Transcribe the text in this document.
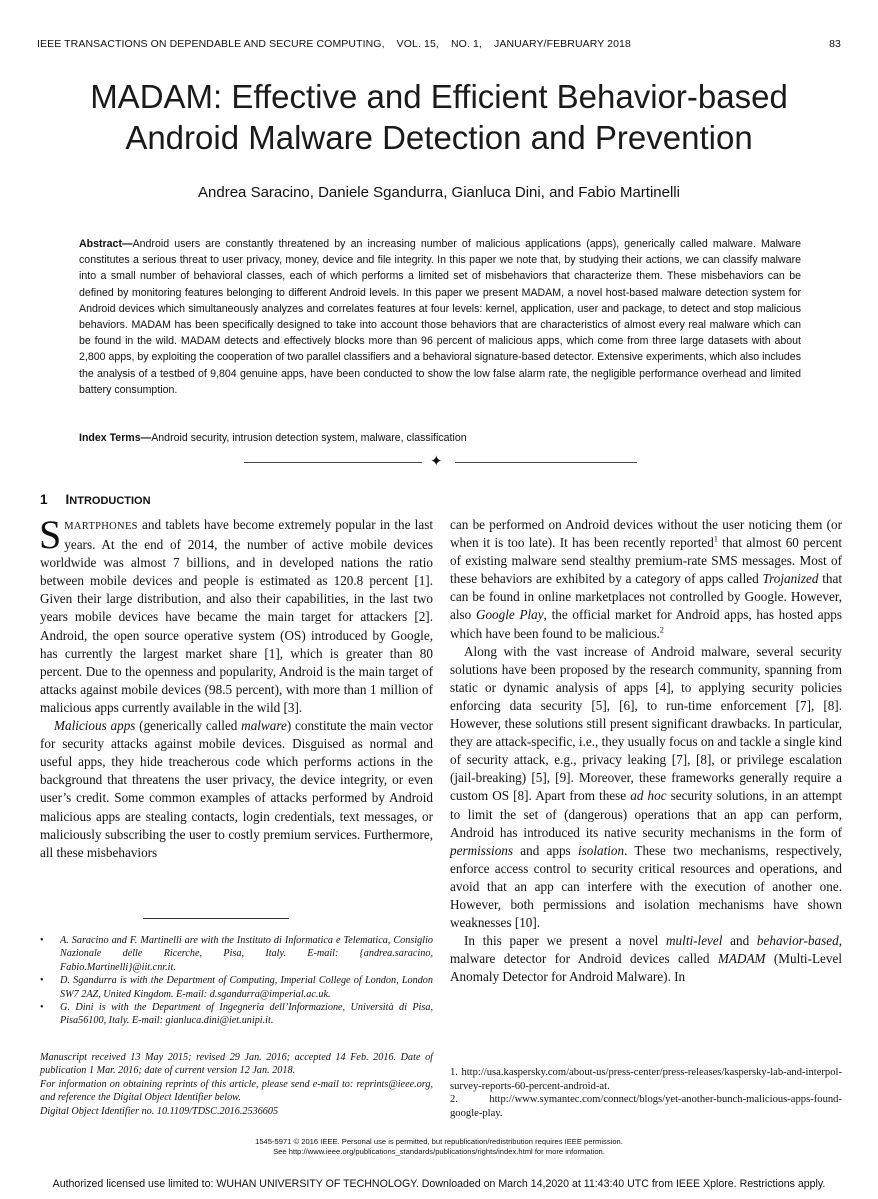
IEEE TRANSACTIONS ON DEPENDABLE AND SECURE COMPUTING, VOL. 15, NO. 1, JANUARY/FEBRUARY 2018	83
MADAM: Effective and Efficient Behavior-based
Android Malware Detection and Prevention
Andrea Saracino, Daniele Sgandurra, Gianluca Dini, and Fabio Martinelli
Abstract—Android users are constantly threatened by an increasing number of malicious applications (apps), generically called malware. Malware constitutes a serious threat to user privacy, money, device and file integrity. In this paper we note that, by studying their actions, we can classify malware into a small number of behavioral classes, each of which performs a limited set of misbehaviors that characterize them. These misbehaviors can be defined by monitoring features belonging to different Android levels. In this paper we present MADAM, a novel host-based malware detection system for Android devices which simultaneously analyzes and correlates features at four levels: kernel, application, user and package, to detect and stop malicious behaviors. MADAM has been specifically designed to take into account those behaviors that are characteristics of almost every real malware which can be found in the wild. MADAM detects and effectively blocks more than 96 percent of malicious apps, which come from three large datasets with about 2,800 apps, by exploiting the cooperation of two parallel classifiers and a behavioral signature-based detector. Extensive experiments, which also includes the analysis of a testbed of 9,804 genuine apps, have been conducted to show the low false alarm rate, the negligible performance overhead and limited battery consumption.
Index Terms—Android security, intrusion detection system, malware, classification
✦
1 INTRODUCTION

SMARTPHONES and tablets have become extremely popular in the last years. At the end of 2014, the number of active mobile devices worldwide was almost 7 billions, and in developed nations the ratio between mobile devices and people is estimated as 120.8 percent [1]. Given their large distribution, and also their capabilities, in the last two years mobile devices have became the main target for attackers [2]. Android, the open source operative system (OS) introduced by Google, has currently the largest market share [1], which is greater than 80 percent. Due to the openness and popularity, Android is the main target of attacks against mobile devices (98.5 percent), with more than 1 million of malicious apps currently available in the wild [3].

Malicious apps (generically called malware) constitute the main vector for security attacks against mobile devices. Disguised as normal and useful apps, they hide treacherous code which performs actions in the background that threatens the user privacy, the device integrity, or even user’s credit. Some common examples of attacks performed by Android malicious apps are stealing contacts, login credentials, text messages, or maliciously subscribing the user to costly premium services. Furthermore, all these misbehaviors

• A. Saracino and F. Martinelli are with the Instituto di Informatica e Telematica, Consiglio Nazionale delle Ricerche, Pisa, Italy. E-mail: {andrea.saracino, Fabio.Martinelli}@iit.cnr.it.
• D. Sgandurra is with the Department of Computing, Imperial College of London, London SW7 2AZ, United Kingdom. E-mail: d.sgandurra@imperial.ac.uk.
• G. Dini is with the Department of Ingegneria dell’Informazione, Università di Pisa, Pisa56100, Italy. E-mail: gianluca.dini@iet.unipi.it.
Manuscript received 13 May 2015; revised 29 Jan. 2016; accepted 14 Feb. 2016. Date of publication 1 Mar. 2016; date of current version 12 Jan. 2018.
For information on obtaining reprints of this article, please send e-mail to: reprints@ieee.org, and reference the Digital Object Identifier below.
Digital Object Identifier no. 10.1109/TDSC.2016.2536605

can be performed on Android devices without the user noticing them (or when it is too late). It has been recently reported$^1$ that almost 60 percent of existing malware send stealthy premium-rate SMS messages. Most of these behaviors are exhibited by a category of apps called Trojanized that can be found in online marketplaces not controlled by Google. However, also Google Play, the official market for Android apps, has hosted apps which have been found to be malicious.$^2$

Along with the vast increase of Android malware, several security solutions have been proposed by the research community, spanning from static or dynamic analysis of apps [4], to applying security policies enforcing data security [5], [6], to run-time enforcement [7], [8]. However, these solutions still present significant drawbacks. In particular, they are attack-specific, i.e., they usually focus on and tackle a single kind of security attack, e.g., privacy leaking [7], [8], or privilege escalation (jail-breaking) [5], [9]. Moreover, these frameworks generally require a custom OS [8]. Apart from these ad hoc security solutions, in an attempt to limit the set of (dangerous) operations that an app can perform, Android has introduced its native security mechanisms in the form of permissions and apps isolation. These two mechanisms, respectively, enforce access control to security critical resources and operations, and avoid that an app can interfere with the execution of another one. However, both permissions and isolation mechanisms have shown weaknesses [10].

In this paper we present a novel multi-level and behavior-based, malware detector for Android devices called MADAM (Multi-Level Anomaly Detector for Android Malware). In

1. http://usa.kaspersky.com/about-us/press-center/press-releases/kaspersky-lab-and-interpol-survey-reports-60-percent-android-at.
2. http://www.symantec.com/connect/blogs/yet-another-bunch-malicious-apps-found-google-play.
1545-5971 © 2016 IEEE. Personal use is permitted, but republication/redistribution requires IEEE permission.
See http://www.ieee.org/publications_standards/publications/rights/index.html for more information.
Authorized licensed use limited to: WUHAN UNIVERSITY OF TECHNOLOGY. Downloaded on March 14,2020 at 11:43:40 UTC from IEEE Xplore. Restrictions apply.
